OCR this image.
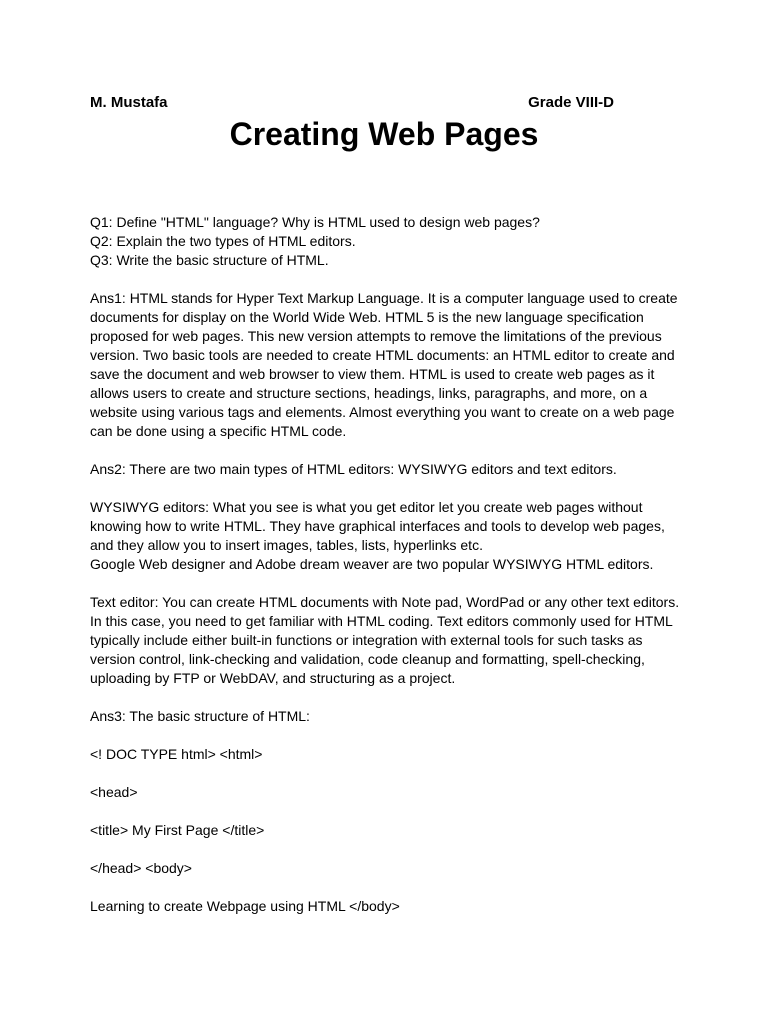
M. Mustafa	Grade VIII-D
Creating Web Pages

Q1: Define "HTML" language? Why is HTML used to design web pages?

Q2: Explain the two types of HTML editors.

Q3: Write the basic structure of HTML.

Ans1: HTML stands for Hyper Text Markup Language. It is a computer language used to create

documents for display on the World Wide Web. HTML 5 is the new language specification

proposed for web pages. This new version attempts to remove the limitations of the previous

version. Two basic tools are needed to create HTML documents: an HTML editor to create and

save the document and web browser to view them. HTML is used to create web pages as it

allows users to create and structure sections, headings, links, paragraphs, and more, on a

website using various tags and elements. Almost everything you want to create on a web page

can be done using a specific HTML code.

Ans2: There are two main types of HTML editors: WYSIWYG editors and text editors.

WYSIWYG editors: What you see is what you get editor let you create web pages without

knowing how to write HTML. They have graphical interfaces and tools to develop web pages,

and they allow you to insert images, tables, lists, hyperlinks etc.

Google Web designer and Adobe dream weaver are two popular WYSIWYG HTML editors.

Text editor: You can create HTML documents with Note pad, WordPad or any other text editors.

In this case, you need to get familiar with HTML coding. Text editors commonly used for HTML

typically include either built-in functions or integration with external tools for such tasks as

version control, link-checking and validation, code cleanup and formatting, spell-checking,

uploading by FTP or WebDAV, and structuring as a project.

Ans3: The basic structure of HTML:

<! DOC TYPE html> <html>

<head>

<title> My First Page </title>

</head> <body>

Learning to create Webpage using HTML </body>
